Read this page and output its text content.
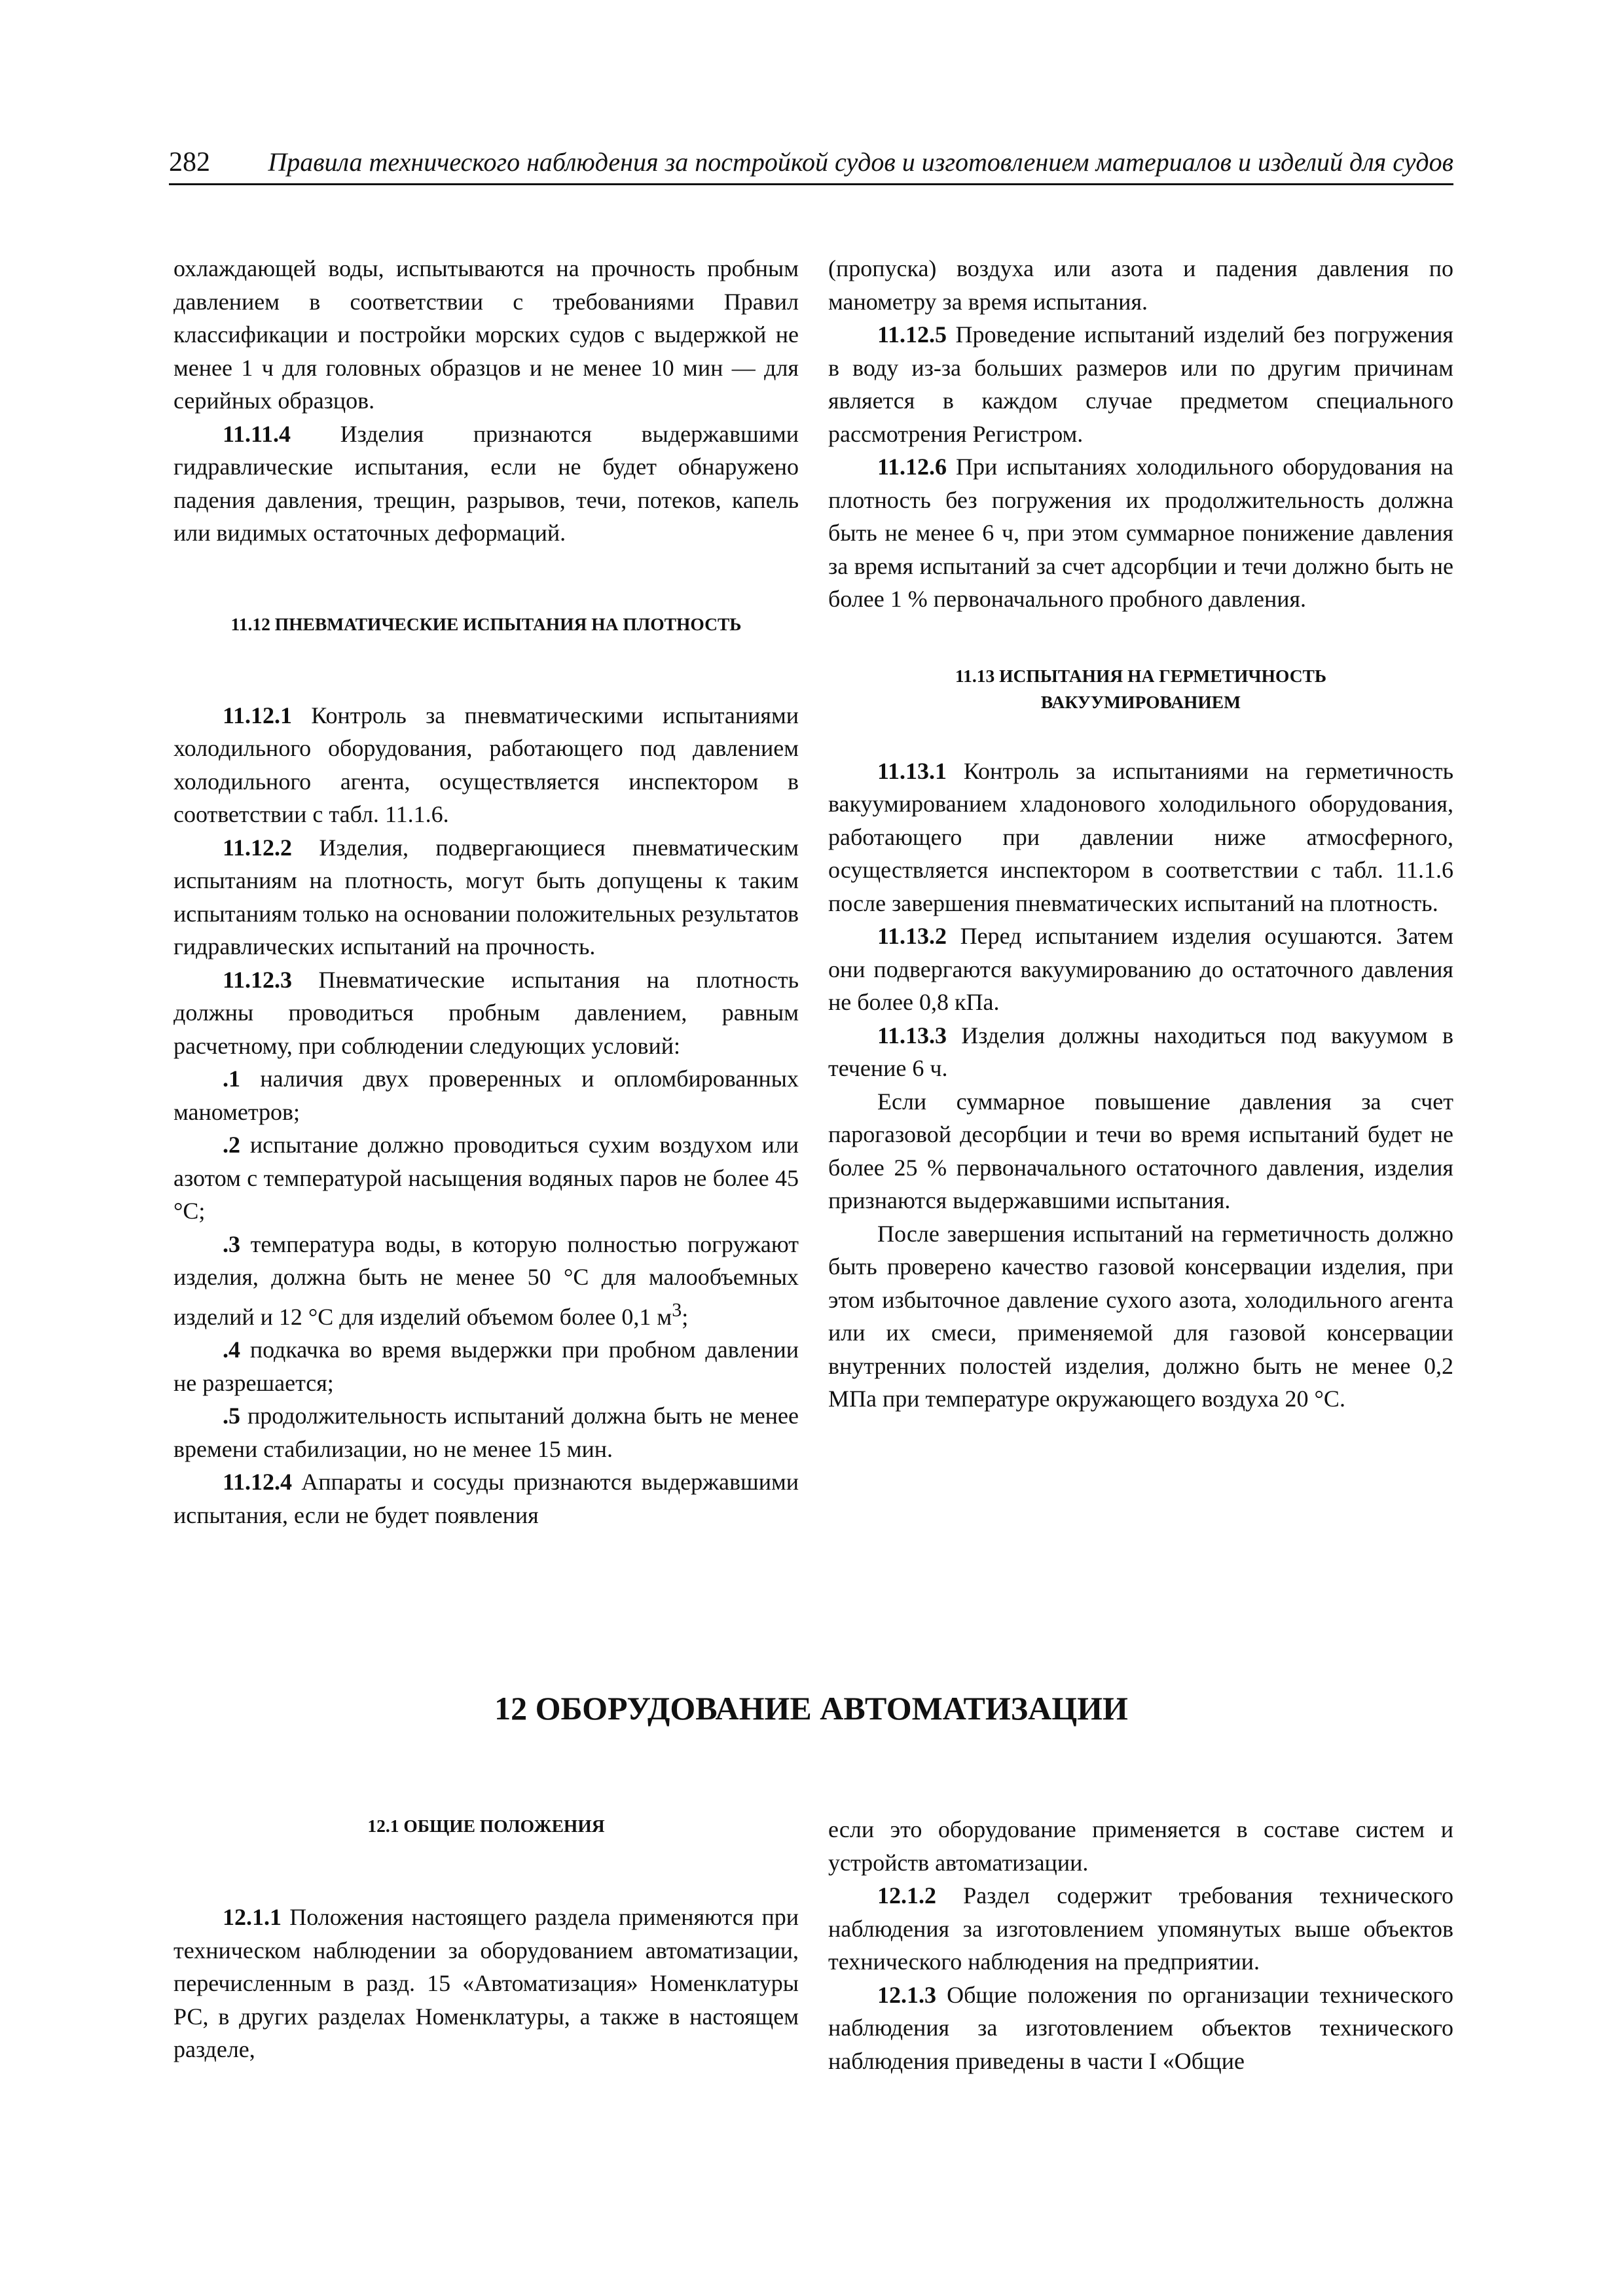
282 Правила технического наблюдения за постройкой судов и изготовлением материалов и изделий для судов

охлаждающей воды, испытываются на прочность пробным давлением в соответствии с требованиями Правил классификации и постройки морских судов с выдержкой не менее 1 ч для головных образцов и не менее 10 мин — для серийных образцов.

11.11.4 Изделия признаются выдержавшими гидравлические испытания, если не будет обнаружено падения давления, трещин, разрывов, течи, потеков, капель или видимых остаточных деформаций.

11.12 ПНЕВМАТИЧЕСКИЕ ИСПЫТАНИЯ НА ПЛОТНОСТЬ

11.12.1 Контроль за пневматическими испытаниями холодильного оборудования, работающего под давлением холодильного агента, осуществляется инспектором в соответствии с табл. 11.1.6.

11.12.2 Изделия, подвергающиеся пневматическим испытаниям на плотность, могут быть допущены к таким испытаниям только на основании положительных результатов гидравлических испытаний на прочность.

11.12.3 Пневматические испытания на плотность должны проводиться пробным давлением, равным расчетному, при соблюдении следующих условий:

.1 наличия двух проверенных и опломбированных манометров;

.2 испытание должно проводиться сухим воздухом или азотом с температурой насыщения водяных паров не более 45 °С;

.3 температура воды, в которую полностью погружают изделия, должна быть не менее 50 °С для малообъемных изделий и 12 °С для изделий объемом более 0,1 $м^3$;

.4 подкачка во время выдержки при пробном давлении не разрешается;

.5 продолжительность испытаний должна быть не менее времени стабилизации, но не менее 15 мин.

11.12.4 Аппараты и сосуды признаются выдержавшими испытания, если не будет появления

(пропуска) воздуха или азота и падения давления по манометру за время испытания.

11.12.5 Проведение испытаний изделий без погружения в воду из-за больших размеров или по другим причинам является в каждом случае предметом специального рассмотрения Регистром.

11.12.6 При испытаниях холодильного оборудования на плотность без погружения их продолжительность должна быть не менее 6 ч, при этом суммарное понижение давления за время испытаний за счет адсорбции и течи должно быть не более 1 % первоначального пробного давления.

11.13 ИСПЫТАНИЯ НА ГЕРМЕТИЧНОСТЬ
ВАКУУМИРОВАНИЕМ

11.13.1 Контроль за испытаниями на герметичность вакуумированием хладонового холодильного оборудования, работающего при давлении ниже атмосферного, осуществляется инспектором в соответствии с табл. 11.1.6 после завершения пневматических испытаний на плотность.

11.13.2 Перед испытанием изделия осушаются. Затем они подвергаются вакуумированию до остаточного давления не более 0,8 кПа.

11.13.3 Изделия должны находиться под вакуумом в течение 6 ч.

Если суммарное повышение давления за счет парогазовой десорбции и течи во время испытаний будет не более 25 % первоначального остаточного давления, изделия признаются выдержавшими испытания.

После завершения испытаний на герметичность должно быть проверено качество газовой консервации изделия, при этом избыточное давление сухого азота, холодильного агента или их смеси, применяемой для газовой консервации внутренних полостей изделия, должно быть не менее 0,2 МПа при температуре окружающего воздуха 20 °С.

12 ОБОРУДОВАНИЕ АВТОМАТИЗАЦИИ

12.1 ОБЩИЕ ПОЛОЖЕНИЯ

12.1.1 Положения настоящего раздела применяются при техническом наблюдении за оборудованием автоматизации, перечисленным в разд. 15 «Автоматизация» Номенклатуры РС, в других разделах Номенклатуры, а также в настоящем разделе,

если это оборудование применяется в составе систем и устройств автоматизации.

12.1.2 Раздел содержит требования технического наблюдения за изготовлением упомянутых выше объектов технического наблюдения на предприятии.

12.1.3 Общие положения по организации технического наблюдения за изготовлением объектов технического наблюдения приведены в части I «Общие
